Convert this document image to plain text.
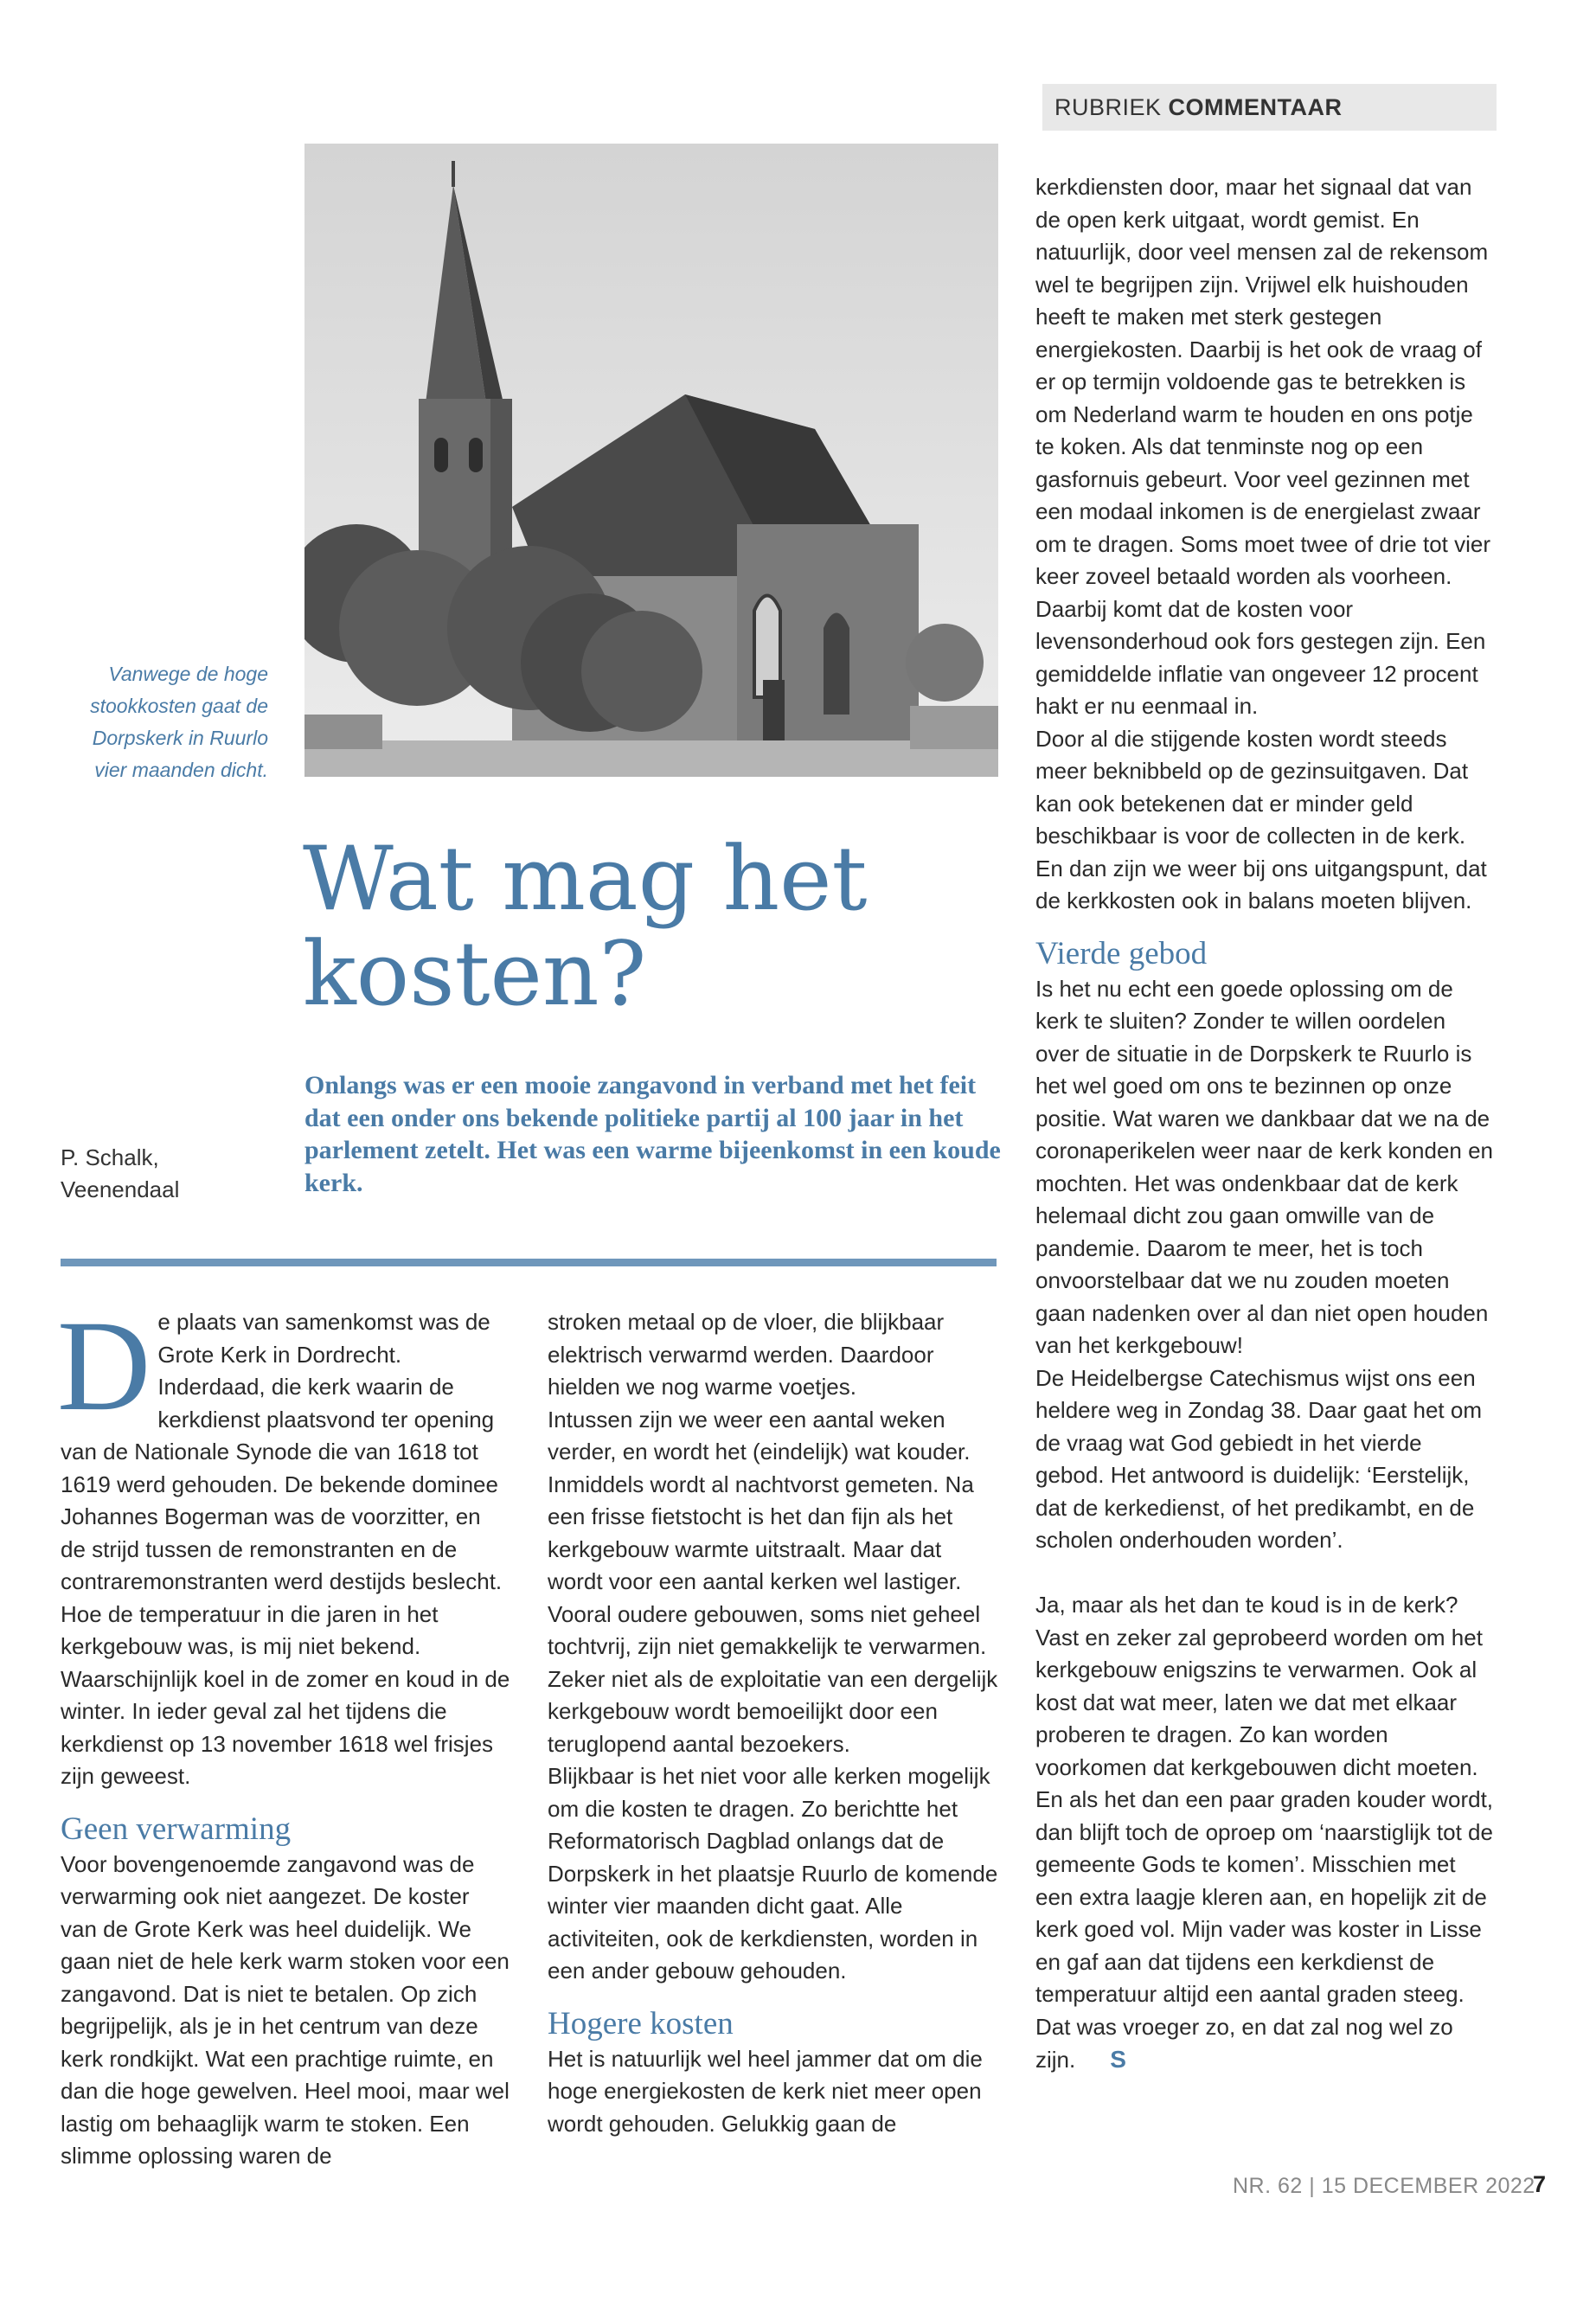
RUBRIEK COMMENTAAR
Vanwege de hoge stookkosten gaat de Dorpskerk in Ruurlo vier maanden dicht.
Wat mag het kosten?
Onlangs was er een mooie zangavond in verband met het feit dat een onder ons bekende politieke partij al 100 jaar in het parlement zetelt. Het was een warme bijeenkomst in een koude kerk.
P. Schalk,
Veenendaal

De plaats van samenkomst was de Grote Kerk in Dordrecht. Inderdaad, die kerk waarin de kerkdienst plaatsvond ter opening van de Nationale Synode die van 1618 tot 1619 werd gehouden. De bekende dominee Johannes Bogerman was de voorzitter, en de strijd tussen de remonstranten en de contraremonstranten werd destijds beslecht. Hoe de temperatuur in die jaren in het kerkgebouw was, is mij niet bekend. Waarschijnlijk koel in de zomer en koud in de winter. In ieder geval zal het tijdens die kerkdienst op 13 november 1618 wel frisjes zijn geweest.

Geen verwarming

Voor bovengenoemde zangavond was de verwarming ook niet aangezet. De koster van de Grote Kerk was heel duidelijk. We gaan niet de hele kerk warm stoken voor een zangavond. Dat is niet te betalen. Op zich begrijpelijk, als je in het centrum van deze kerk rondkijkt. Wat een prachtige ruimte, en dan die hoge gewelven. Heel mooi, maar wel lastig om behaaglijk warm te stoken. Een slimme oplossing waren de

stroken metaal op de vloer, die blijkbaar elektrisch verwarmd werden. Daardoor hielden we nog warme voetjes.

Intussen zijn we weer een aantal weken verder, en wordt het (eindelijk) wat kouder. Inmiddels wordt al nachtvorst gemeten. Na een frisse fietstocht is het dan fijn als het kerkgebouw warmte uitstraalt. Maar dat wordt voor een aantal kerken wel lastiger. Vooral oudere gebouwen, soms niet geheel tochtvrij, zijn niet gemakkelijk te verwarmen. Zeker niet als de exploitatie van een dergelijk kerkgebouw wordt bemoeilijkt door een teruglopend aantal bezoekers.

Blijkbaar is het niet voor alle kerken mogelijk om die kosten te dragen. Zo berichtte het Reformatorisch Dagblad onlangs dat de Dorpskerk in het plaatsje Ruurlo de komende winter vier maanden dicht gaat. Alle activiteiten, ook de kerkdiensten, worden in een ander gebouw gehouden.

Hogere kosten

Het is natuurlijk wel heel jammer dat om die hoge energiekosten de kerk niet meer open wordt gehouden. Gelukkig gaan de

kerkdiensten door, maar het signaal dat van de open kerk uitgaat, wordt gemist. En natuurlijk, door veel mensen zal de rekensom wel te begrijpen zijn. Vrijwel elk huishouden heeft te maken met sterk gestegen energiekosten. Daarbij is het ook de vraag of er op termijn voldoende gas te betrekken is om Nederland warm te houden en ons potje te koken. Als dat tenminste nog op een gasfornuis gebeurt. Voor veel gezinnen met een modaal inkomen is de energielast zwaar om te dragen. Soms moet twee of drie tot vier keer zoveel betaald worden als voorheen. Daarbij komt dat de kosten voor levensonderhoud ook fors gestegen zijn. Een gemiddelde inflatie van ongeveer 12 procent hakt er nu eenmaal in.

Door al die stijgende kosten wordt steeds meer beknibbeld op de gezinsuitgaven. Dat kan ook betekenen dat er minder geld beschikbaar is voor de collecten in de kerk. En dan zijn we weer bij ons uitgangspunt, dat de kerkkosten ook in balans moeten blijven.

Vierde gebod

Is het nu echt een goede oplossing om de kerk te sluiten? Zonder te willen oordelen over de situatie in de Dorpskerk te Ruurlo is het wel goed om ons te bezinnen op onze positie. Wat waren we dankbaar dat we na de coronaperikelen weer naar de kerk konden en mochten. Het was ondenkbaar dat de kerk helemaal dicht zou gaan omwille van de pandemie. Daarom te meer, het is toch onvoorstelbaar dat we nu zouden moeten gaan nadenken over al dan niet open houden van het kerkgebouw!

De Heidelbergse Catechismus wijst ons een heldere weg in Zondag 38. Daar gaat het om de vraag wat God gebiedt in het vierde gebod. Het antwoord is duidelijk: ‘Eerstelijk, dat de kerkedienst, of het predikambt, en de scholen onderhouden worden’.

Ja, maar als het dan te koud is in de kerk? Vast en zeker zal geprobeerd worden om het kerkgebouw enigszins te verwarmen. Ook al kost dat wat meer, laten we dat met elkaar proberen te dragen. Zo kan worden voorkomen dat kerkgebouwen dicht moeten. En als het dan een paar graden kouder wordt, dan blijft toch de oproep om ‘naarstiglijk tot de gemeente Gods te komen’. Misschien met een extra laagje kleren aan, en hopelijk zit de kerk goed vol. Mijn vader was koster in Lisse en gaf aan dat tijdens een kerkdienst de temperatuur altijd een aantal graden steeg. Dat was vroeger zo, en dat zal nog wel zo zijn. S

NR. 62 | 15 DECEMBER 2022
7
